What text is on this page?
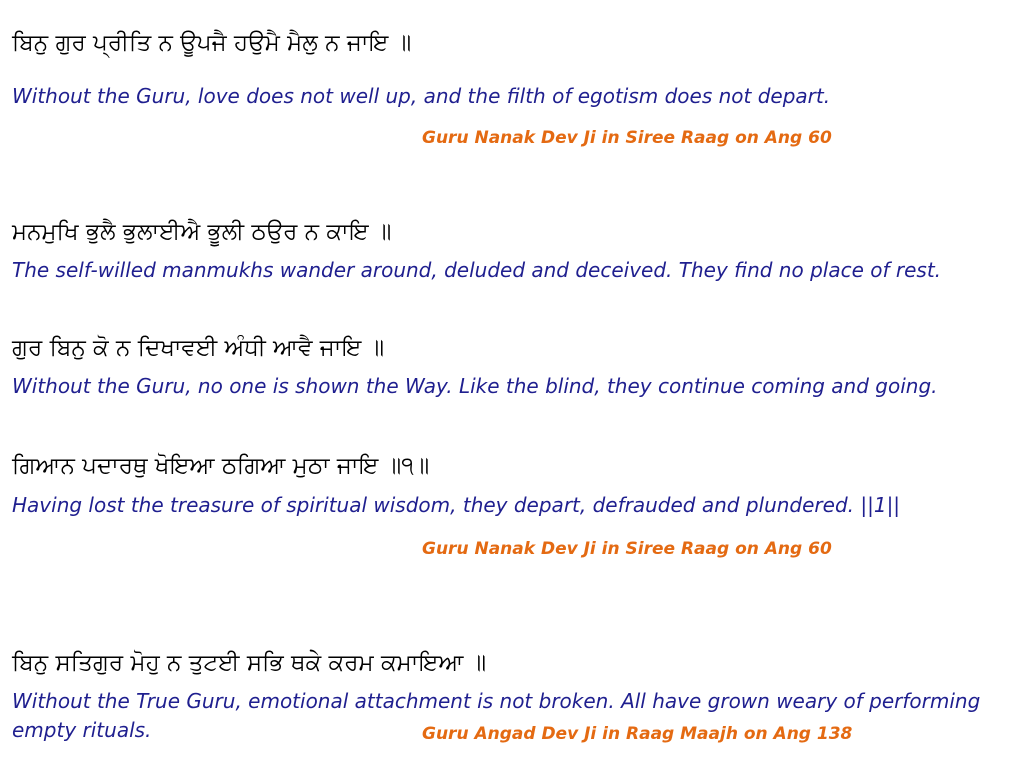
ਬਿਨੁ ਗੁਰ ਪ੍ਰੀਤਿ ਨ ਊਪਜੈ ਹਉਮੈ ਮੈਲੁ ਨ ਜਾਇ ॥
Without the Guru, love does not well up, and the filth of egotism does not depart.
Guru Nanak Dev Ji in Siree Raag on Ang 60
ਮਨਮੁਖਿ ਭੁਲੈ ਭੁਲਾਈਐ ਭੂਲੀ ਠਉਰ ਨ ਕਾਇ ॥
The self-willed manmukhs wander around, deluded and deceived. They find no place of rest.
ਗੁਰ ਬਿਨੁ ਕੋ ਨ ਦਿਖਾਵਈ ਅੰਧੀ ਆਵੈ ਜਾਇ ॥
Without the Guru, no one is shown the Way. Like the blind, they continue coming and going.
ਗਿਆਨ ਪਦਾਰਥੁ ਖੋਇਆ ਠਗਿਆ ਮੁਠਾ ਜਾਇ ॥੧॥
Having lost the treasure of spiritual wisdom, they depart, defrauded and plundered. ||1||
Guru Nanak Dev Ji in Siree Raag on Ang 60
ਬਿਨੁ ਸਤਿਗੁਰ ਮੋਹੁ ਨ ਤੁਟਈ ਸਭਿ ਥਕੇ ਕਰਮ ਕਮਾਇਆ ॥
Without the True Guru, emotional attachment is not broken. All have grown weary of performing empty rituals.	Guru Angad Dev Ji in Raag Maajh on Ang 138
